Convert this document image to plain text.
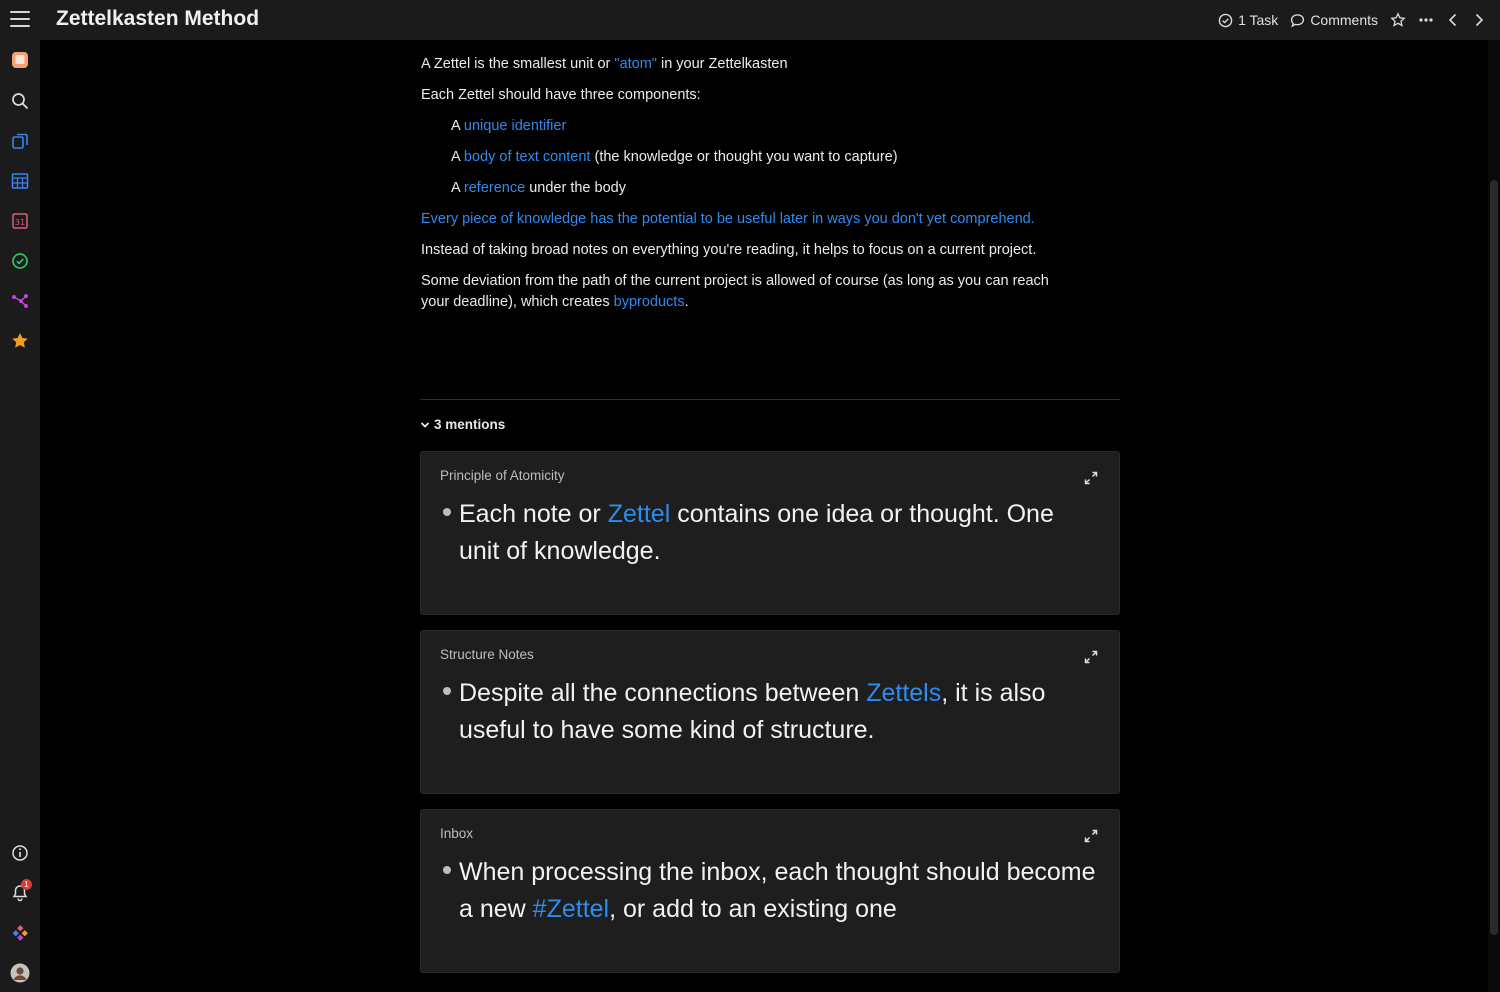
Zettelkasten Method	1 Task Comments
31
1
A Zettel is the smallest unit or "atom" in your Zettelkasten
Each Zettel should have three components:
A unique identifier
A body of text content (the knowledge or thought you want to capture)
A reference under the body
Every piece of knowledge has the potential to be useful later in ways you don't yet comprehend.
Instead of taking broad notes on everything you're reading, it helps to focus on a current project.
Some deviation from the path of the current project is allowed of course (as long as you can reach
your deadline), which creates byproducts.
3 mentions
Principle of Atomicity
Each note or Zettel contains one idea or thought. One unit of knowledge.
Structure Notes
Despite all the connections between Zettels, it is also useful to have some kind of structure.
Inbox
When processing the inbox, each thought should become a new #Zettel, or add to an existing one
